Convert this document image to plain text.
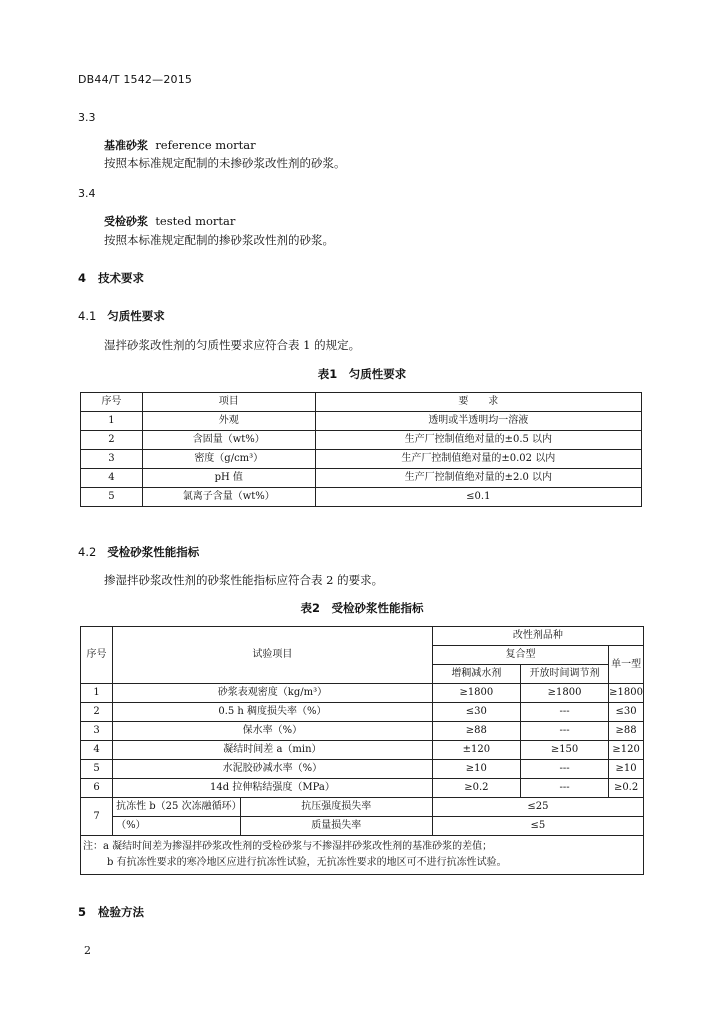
DB44/T 1542—2015
3.3
基准砂浆 reference mortar
按照本标准规定配制的未掺砂浆改性剂的砂浆。
3.4
受检砂浆 tested mortar
按照本标准规定配制的掺砂浆改性剂的砂浆。
4 技术要求
4.1 匀质性要求
湿拌砂浆改性剂的匀质性要求应符合表 1 的规定。
表1　匀质性要求
序号	项目	要　　求
1	外观	透明或半透明均一溶液
2	含固量（wt%）	生产厂控制值绝对量的±0.5 以内
3	密度（g/cm³）	生产厂控制值绝对量的±0.02 以内
4	pH 值	生产厂控制值绝对量的±2.0 以内
5	氯离子含量（wt%）	≤0.1
4.2 受检砂浆性能指标
掺湿拌砂浆改性剂的砂浆性能指标应符合表 2 的要求。
表2　受检砂浆性能指标
序号	试验项目		改性剂品种		
			复合型		单一型
			增稠减水剂	开放时间调节剂	
1	砂浆表观密度（kg/m³）		≥1800	≥1800	≥1800
2	0.5 h 稠度损失率（%）		≤30	---	≤30
3	保水率（%）		≥88	---	≥88
4	凝结时间差 a（min）		±120	≥150	≥120
5	水泥胶砂减水率（%）		≥10	---	≥10
6	14d 拉伸粘结强度（MPa）		≥0.2	---	≥0.2
7	抗冻性 b（25 次冻融循环）	抗压强度损失率	≤25		
	（%）	质量损失率	≤5		

注：a 凝结时间差为掺湿拌砂浆改性剂的受检砂浆与不掺湿拌砂浆改性剂的基准砂浆的差值；
b 有抗冻性要求的寒冷地区应进行抗冻性试验，无抗冻性要求的地区可不进行抗冻性试验。					
5 检验方法
2
